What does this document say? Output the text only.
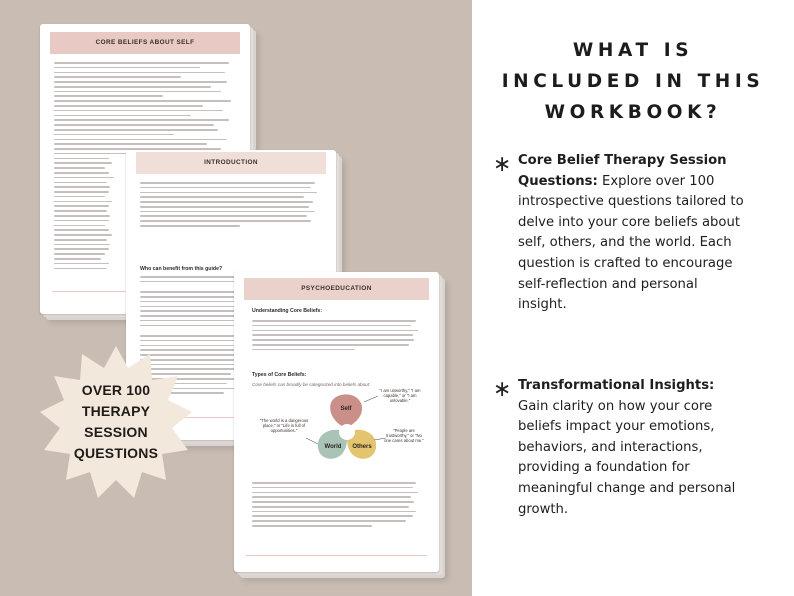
CORE BELIEFS ABOUT SELF
INTRODUCTION
Who can benefit from this guide?
PSYCHOEDUCATION
Understanding Core Beliefs:
Types of Core Beliefs:
Core beliefs can broadly be categorized into beliefs about:
Self
World Others
"The world is a dangerous place," or "Life is full of opportunities."
"I am unworthy," "I am capable," or "I am unlovable."
"People are trustworthy," or "No one cares about me."
OVER 100
THERAPY
SESSION
QUESTIONS
WHAT IS
INCLUDED IN THIS
WORKBOOK?
∗ Core Belief Therapy Session Questions: Explore over 100 introspective questions tailored to delve into your core beliefs about self, others, and the world. Each question is crafted to encourage self-reflection and personal insight.

∗ Transformational Insights: Gain clarity on how your core beliefs impact your emotions, behaviors, and interactions, providing a foundation for meaningful change and personal growth.
